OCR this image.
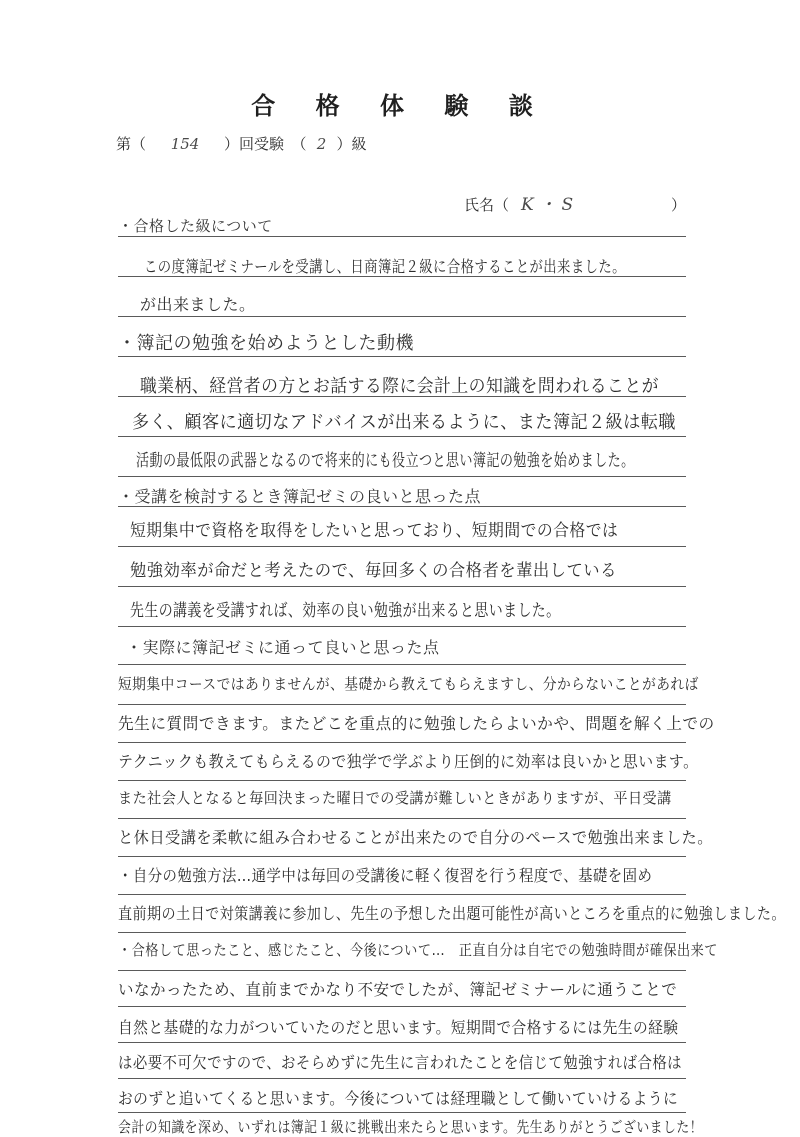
合 格 体 験 談
第（ 154 ）回受験　（ 2 ）級
氏名（ K ・ S	）
・合格した級について
この度簿記ゼミナールを受講し、日商簿記２級に合格することが出来ました。
が出来ました。
・簿記の勉強を始めようとした動機
職業柄、経営者の方とお話する際に会計上の知識を問われることが
多く、顧客に適切なアドバイスが出来るように、また簿記２級は転職
活動の最低限の武器となるので将来的にも役立つと思い簿記の勉強を始めました。
・受講を検討するとき簿記ゼミの良いと思った点
短期集中で資格を取得をしたいと思っており、短期間での合格では
勉強効率が命だと考えたので、毎回多くの合格者を輩出している
先生の講義を受講すれば、効率の良い勉強が出来ると思いました。
・実際に簿記ゼミに通って良いと思った点
短期集中コースではありませんが、基礎から教えてもらえますし、分からないことがあれば
先生に質問できます。またどこを重点的に勉強したらよいかや、問題を解く上での
テクニックも教えてもらえるので独学で学ぶより圧倒的に効率は良いかと思います。
また社会人となると毎回決まった曜日での受講が難しいときがありますが、平日受講
と休日受講を柔軟に組み合わせることが出来たので自分のペースで勉強出来ました。
・自分の勉強方法…通学中は毎回の受講後に軽く復習を行う程度で、基礎を固め
直前期の土日で対策講義に参加し、先生の予想した出題可能性が高いところを重点的に勉強しました。
・合格して思ったこと、感じたこと、今後について…　正直自分は自宅での勉強時間が確保出来て
いなかったため、直前までかなり不安でしたが、簿記ゼミナールに通うことで
自然と基礎的な力がついていたのだと思います。短期間で合格するには先生の経験
は必要不可欠ですので、おそらめずに先生に言われたことを信じて勉強すれば合格は
おのずと追いてくると思います。今後については経理職として働いていけるように
会計の知識を深め、いずれは簿記１級に挑戦出来たらと思います。先生ありがとうございました！
